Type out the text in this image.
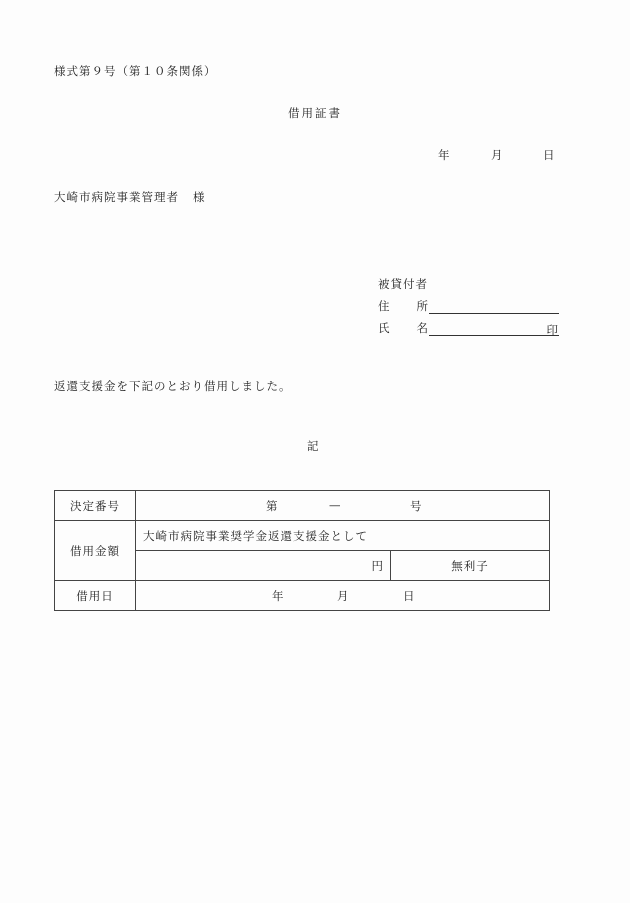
様式第９号（第１０条関係）
借用証書
年	月	日
大崎市病院事業管理者 様
被貸付者
住 所
氏 名	印
返還支援金を下記のとおり借用しました。
記
決定番号	第 — 号	

借用金額	大崎市病院事業奨学金返還支援金として	
	円	無利子
借用日	年 月 日	
